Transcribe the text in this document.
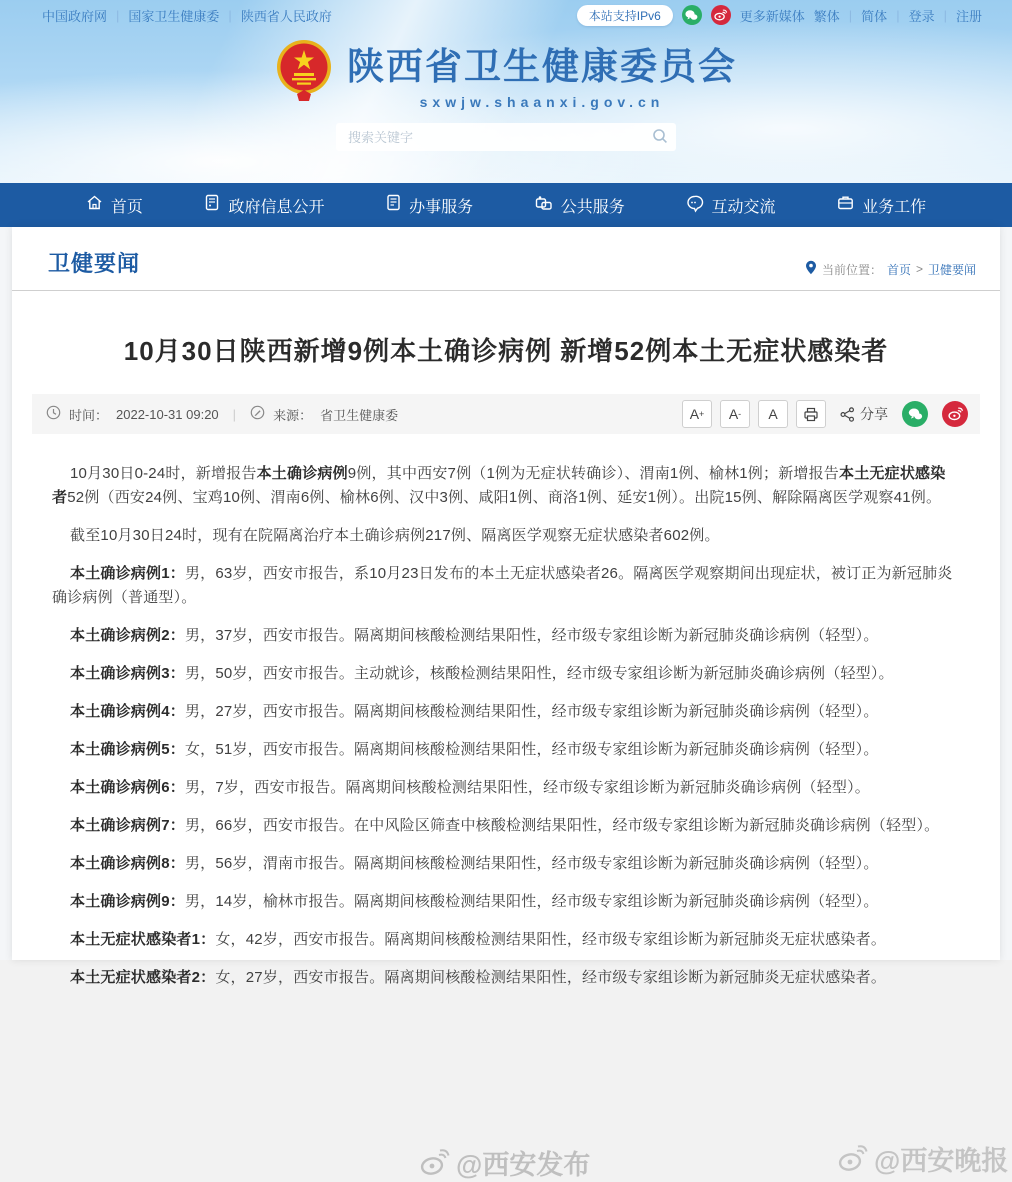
中国政府网 | 国家卫生健康委 | 陕西省人民政府	本站支持IPv6	更多新媒体 繁体 | 简体 | 登录 | 注册
陕西省卫生健康委员会
sxwjw.shaanxi.gov.cn
搜索关键字
首页	政府信息公开	办事服务	公共服务	互动交流	业务工作
卫健要闻	当前位置： 首页 > 卫健要闻
10月30日陕西新增9例本土确诊病例 新增52例本土无症状感染者
时间： 2022-10-31 09:20 |	来源： 省卫生健康委	A + A -	A	分享

10月30日0-24时，新增报告本土确诊病例9例，其中西安7例（1例为无症状转确诊）、渭南1例、榆林1例；新增报告本土无症状感染者52例（西安24例、宝鸡10例、渭南6例、榆林6例、汉中3例、咸阳1例、商洛1例、延安1例）。出院15例、解除隔离医学观察41例。

截至10月30日24时，现有在院隔离治疗本土确诊病例217例、隔离医学观察无症状感染者602例。

本土确诊病例1：男，63岁，西安市报告，系10月23日发布的本土无症状感染者26。隔离医学观察期间出现症状，被订正为新冠肺炎确诊病例（普通型）。

本土确诊病例2：男，37岁，西安市报告。隔离期间核酸检测结果阳性，经市级专家组诊断为新冠肺炎确诊病例（轻型）。

本土确诊病例3：男，50岁，西安市报告。主动就诊，核酸检测结果阳性，经市级专家组诊断为新冠肺炎确诊病例（轻型）。

本土确诊病例4：男，27岁，西安市报告。隔离期间核酸检测结果阳性，经市级专家组诊断为新冠肺炎确诊病例（轻型）。

本土确诊病例5：女，51岁，西安市报告。隔离期间核酸检测结果阳性，经市级专家组诊断为新冠肺炎确诊病例（轻型）。

本土确诊病例6：男，7岁，西安市报告。隔离期间核酸检测结果阳性，经市级专家组诊断为新冠肺炎确诊病例（轻型）。

本土确诊病例7：男，66岁，西安市报告。在中风险区筛查中核酸检测结果阳性，经市级专家组诊断为新冠肺炎确诊病例（轻型）。

本土确诊病例8：男，56岁，渭南市报告。隔离期间核酸检测结果阳性，经市级专家组诊断为新冠肺炎确诊病例（轻型）。

本土确诊病例9：男，14岁，榆林市报告。隔离期间核酸检测结果阳性，经市级专家组诊断为新冠肺炎确诊病例（轻型）。

本土无症状感染者1：女，42岁，西安市报告。隔离期间核酸检测结果阳性，经市级专家组诊断为新冠肺炎无症状感染者。

本土无症状感染者2：女，27岁，西安市报告。隔离期间核酸检测结果阳性，经市级专家组诊断为新冠肺炎无症状感染者。

@西安发布	@西安晚报
